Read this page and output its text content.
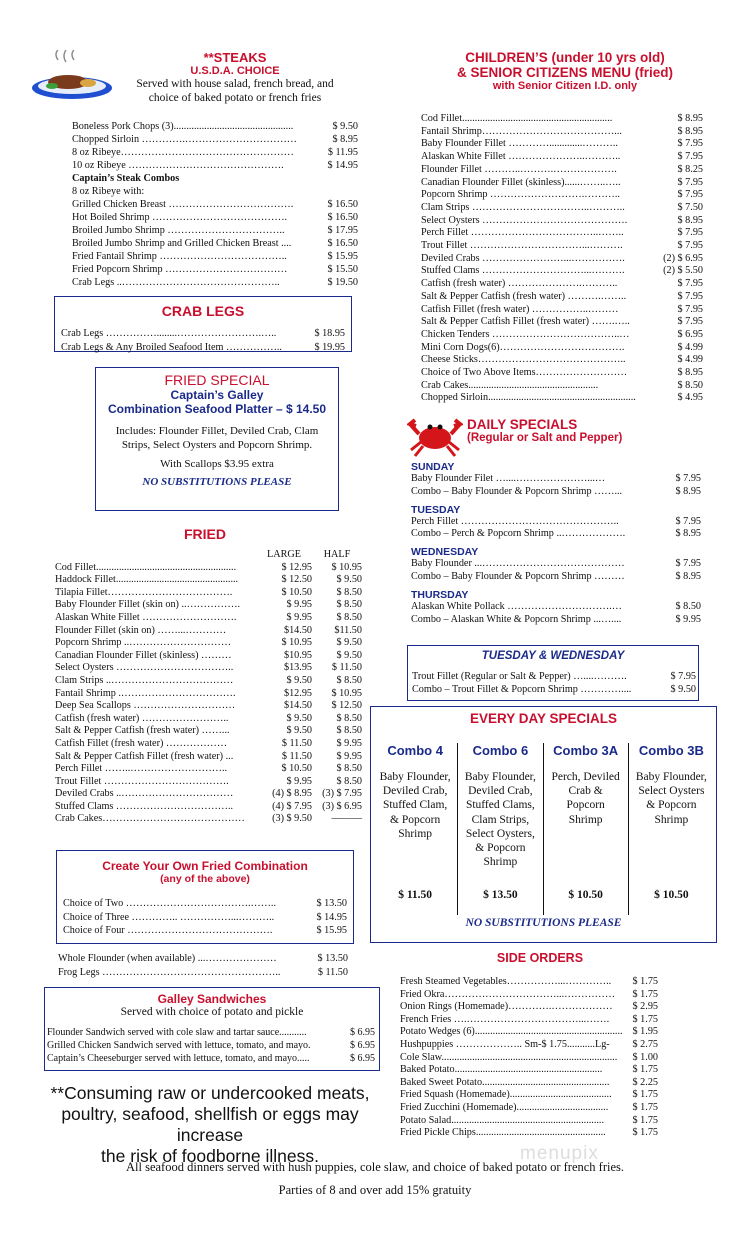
**STEAKS
U.S.D.A. CHOICE
Served with house salad, french bread, and
choice of baked potato or french fries
Boneless Pork Chops (3)...............................................	$ 9.50
Chopped Sirloin ………….……………………………	$ 8.95
8 oz Ribeye……………………………………………	$ 11.95
10 oz Ribeye ……………………………………….	$ 14.95
Captain’s Steak Combos
8 oz Ribeye with:
Grilled Chicken Breast ……………………………….	$ 16.50
Hot Boiled Shrimp ………………………………….	$ 16.50
Broiled Jumbo Shrimp ……………………………..	$ 17.95
Broiled Jumbo Shrimp and Grilled Chicken Breast ....	$ 16.50
Fried Fantail Shrimp ………………………………..	$ 15.95
Fried Popcorn Shrimp ………………………………	$ 15.50
Crab Legs ..………………………………………..	$ 19.50
CRAB LEGS
Crab Legs ……………........…………………….…..	$ 18.95
Crab Legs & Any Broiled Seafood Item ……………..	$ 19.95
FRIED SPECIAL
Captain’s Galley
Combination Seafood Platter – $ 14.50
Includes: Flounder Fillet, Deviled Crab, Clam
Strips, Select Oysters and Popcorn Shrimp.
With Scallops $3.95 extra
NO SUBSTITUTIONS PLEASE
FRIED
LARGE	HALF
Cod Fillet.......................................................	$ 12.95	$ 10.95
Haddock Fillet................................................	$ 12.50	$ 9.50
Tilapia Fillet……………………………….	$ 10.50	$ 8.50
Baby Flounder Fillet (skin on) ..…………….	$ 9.95	$ 8.50
Alaskan White Fillet ……………………….	$ 9.95	$ 8.50
Flounder Fillet (skin on) ……...…………	$14.50	$11.50
Popcorn Shrimp ..…………………………	$ 10.95	$ 9.50
Canadian Flounder Fillet (skinless) ………	$10.95	$ 9.50
Select Oysters ……………………………..	$13.95	$ 11.50
Clam Strips ..………………………………	$ 9.50	$ 8.50
Fantail Shrimp .…………………………….	$12.95	$ 10.95
Deep Sea Scallops …………………………	$14.50	$ 12.50
Catfish (fresh water) ……………………..	$ 9.50	$ 8.50
Salt & Pepper Catfish (fresh water) ……...	$ 9.50	$ 8.50
Catfish Fillet (fresh water) ………………	$ 11.50	$ 9.95
Salt & Pepper Catfish Fillet (fresh water) ...	$ 11.50	$ 9.95
Perch Fillet ……..………………………..	$ 10.50	$ 8.50
Trout Fillet ……………………………….	$ 9.95	$ 8.50
Deviled Crabs ..……………………………	(4) $ 8.95 (3) $ 7.95
Stuffed Clams ……………………………..	(4) $ 7.95 (3) $ 6.95
Crab Cakes……………………………………	(3) $ 9.50	———
Create Your Own Fried Combination
(any of the above)
Choice of Two ……………………………….……..	$ 13.50
Choice of Three ………….. ……………...………..	$ 14.95
Choice of Four …………………………………….	$ 15.95
Whole Flounder (when available) ...…………………	$ 13.50
Frog Legs ……………………………………………..	$ 11.50
Galley Sandwiches
Served with choice of potato and pickle
Flounder Sandwich served with cole slaw and tartar sauce...........	$ 6.95
Grilled Chicken Sandwich served with lettuce, tomato, and mayo.	$ 6.95
Captain’s Cheeseburger served with lettuce, tomato, and mayo.....	$ 6.95
**Consuming raw or undercooked meats,
poultry, seafood, shellfish or eggs may increase
the risk of foodborne illness.
CHILDREN’S (under 10 yrs old)
& SENIOR CITIZENS MENU (fried)
with Senior Citizen I.D. only
Cod Fillet...........................................................	$ 8.95
Fantail Shrimp…………………………………...	$ 8.95
Baby Flounder Fillet ………….............………..	$ 7.95
Alaskan White Fillet …………………..………..	$ 7.95
Flounder Fillet ………..……….……………….	$ 8.25
Canadian Flounder Fillet (skinless)......……..…..	$ 7.95
Popcorn Shrimp ……………………….………..	$ 7.95
Clam Strips ……………………………..………..	$ 7.50
Select Oysters …………………………………….	$ 8.95
Perch Fillet ………………………………..……..	$ 7.95
Trout Fillet ……………………………...……….	$ 7.95
Deviled Crabs ……………………...…………….	(2) $ 6.95
Stuffed Clams …………………………...……….	(2) $ 5.50
Catfish (fresh water) ………………….………..	$ 7.95
Salt & Pepper Catfish (fresh water) ……….……..	$ 7.95
Catfish Fillet (fresh water) ……………..………	$ 7.95
Salt & Pepper Catfish Fillet (fresh water) …….…..	$ 7.95
Chicken Tenders ………………………………..…	$ 6.95
Mini Corn Dogs(6)……………………………….	$ 4.99
Cheese Sticks……………………………………..	$ 4.99
Choice of Two Above Items………………………	$ 8.95
Crab Cakes...................................................	$ 8.50
Chopped Sirloin..........................................................	$ 4.95
DAILY SPECIALS
(Regular or Salt and Pepper)
SUNDAY
Baby Flounder Filet …....…………………...…	$ 7.95
Combo – Baby Flounder & Popcorn Shrimp ……...	$ 8.95
TUESDAY
Perch Fillet ………………………………………..	$ 7.95
Combo – Perch & Popcorn Shrimp ..……………….	$ 8.95
WEDNESDAY
Baby Flounder ...……………………………………	$ 7.95
Combo – Baby Flounder & Popcorn Shrimp ………	$ 8.95
THURSDAY
Alaskan White Pollack ………………………….…	$ 8.50
Combo – Alaskan White & Popcorn Shrimp ...…....	$ 9.95
TUESDAY & WEDNESDAY
Trout Fillet (Regular or Salt & Pepper) …....……….	$ 7.95
Combo – Trout Fillet & Popcorn Shrimp …………....	$ 9.50
EVERY DAY SPECIALS
Combo 4
Baby Flounder,
Deviled Crab,
Stuffed Clam,
& Popcorn
Shrimp
$ 11.50
Combo 6
Baby Flounder,
Deviled Crab,
Stuffed Clams,
Clam Strips,
Select Oysters,
& Popcorn
Shrimp
$ 13.50
Combo 3A
Perch, Deviled
Crab &
Popcorn
Shrimp
$ 10.50
Combo 3B
Baby Flounder,
Select Oysters
& Popcorn
Shrimp
$ 10.50
NO SUBSTITUTIONS PLEASE
SIDE ORDERS
Fresh Steamed Vegetables……………...…………..	$ 1.75
Fried Okra……………………………...……………	$ 1.75
Onion Rings (Homemade)………….………………	$ 2.95
French Fries ….……………………………...…….	$ 1.75
Potato Wedges (6).......................................................... $ 1.95
Hushpuppies ……………….. Sm-$ 1.75...........Lg-	$ 2.75
Cole Slaw.....................................................................	$ 1.00
Baked Potato..........................................................	$ 1.75
Baked Sweet Potato..................................................	$ 2.25
Fried Squash (Homemade)........................................	$ 1.75
Fried Zucchini (Homemade)....................................	$ 1.75
Potato Salad............................................................	$ 1.75
Fried Pickle Chips...................................................	$ 1.75
menupix
All seafood dinners served with hush puppies, cole slaw, and choice of baked potato or french fries.
Parties of 8 and over add 15% gratuity
